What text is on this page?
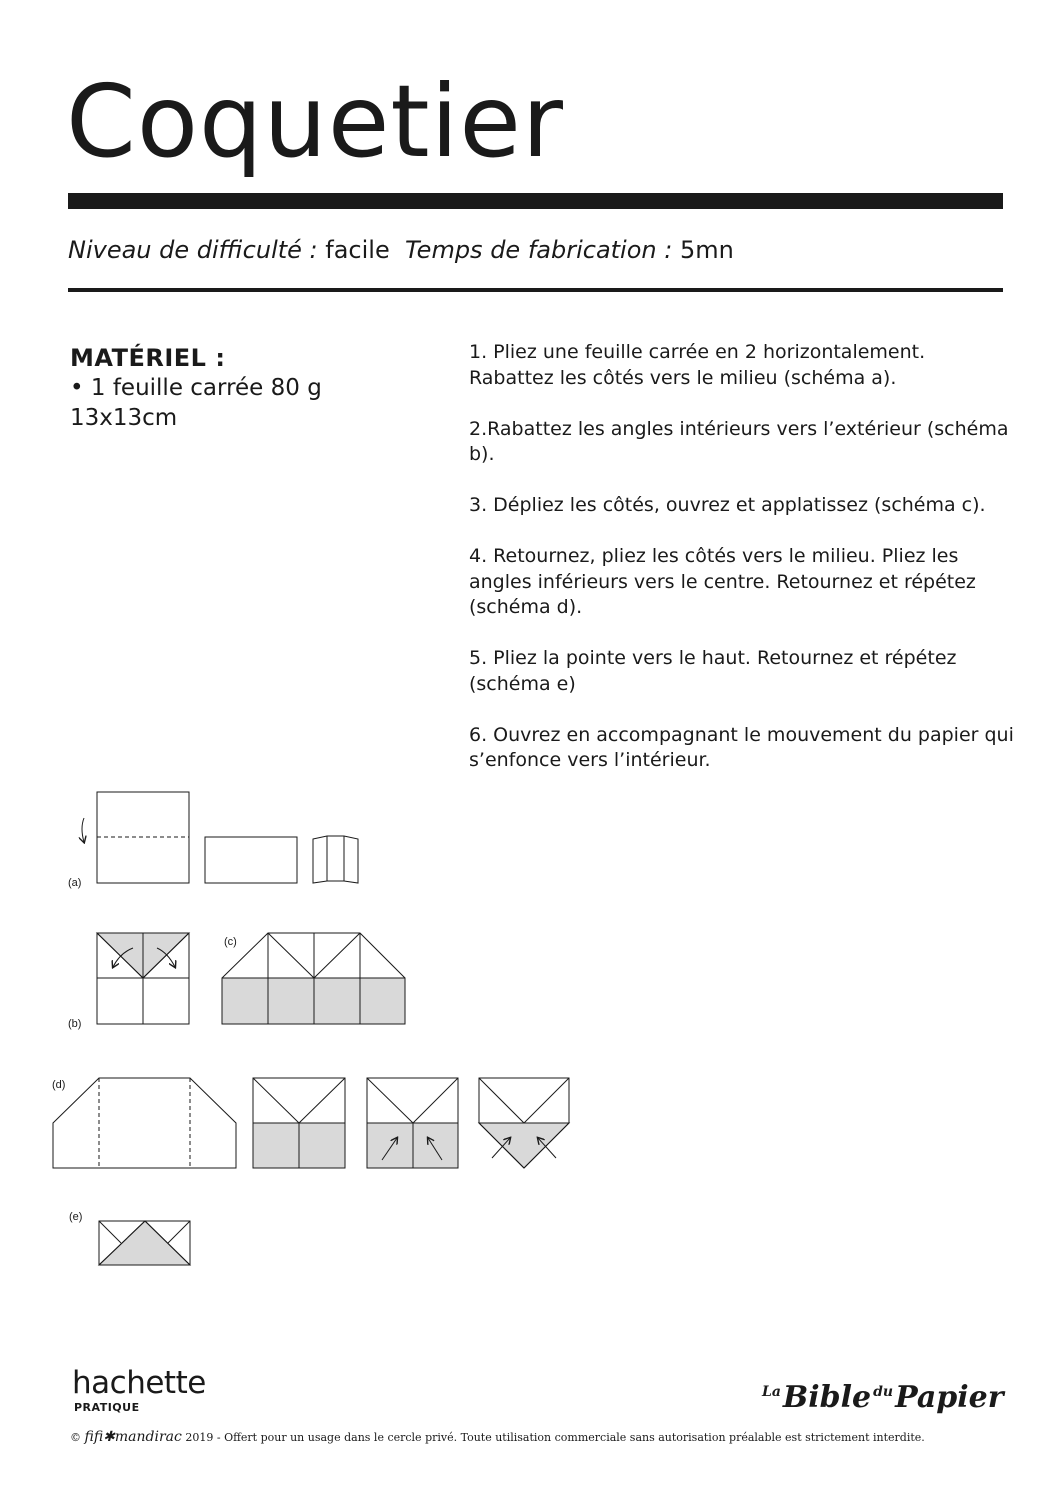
Coquetier
Niveau de difficulté : facile Temps de fabrication : 5mn
MATÉRIEL :
• 1 feuille carrée 80 g
13x13cm

1. Pliez une feuille carrée en 2 horizontalement. Rabattez les côtés vers le milieu (schéma a).

2.Rabattez les angles intérieurs vers l’extérieur (schéma b).

3. Dépliez les côtés, ouvrez et applatissez (schéma c).

4. Retournez, pliez les côtés vers le milieu. Pliez les angles inférieurs vers le centre. Retournez et répétez (schéma d).

5. Pliez la pointe vers le haut. Retournez et répétez (schéma e)

6. Ouvrez en accompagnant le mouvement du papier qui s’enfonce vers l’intérieur.

(a)
(b)
(c)
(d)
(e)
hachette
PRATIQUE
$^{La}$Bible $^{du}$Papier
© fifi✱mandirac 2019 - Offert pour un usage dans le cercle privé. Toute utilisation commerciale sans autorisation préalable est strictement interdite.
